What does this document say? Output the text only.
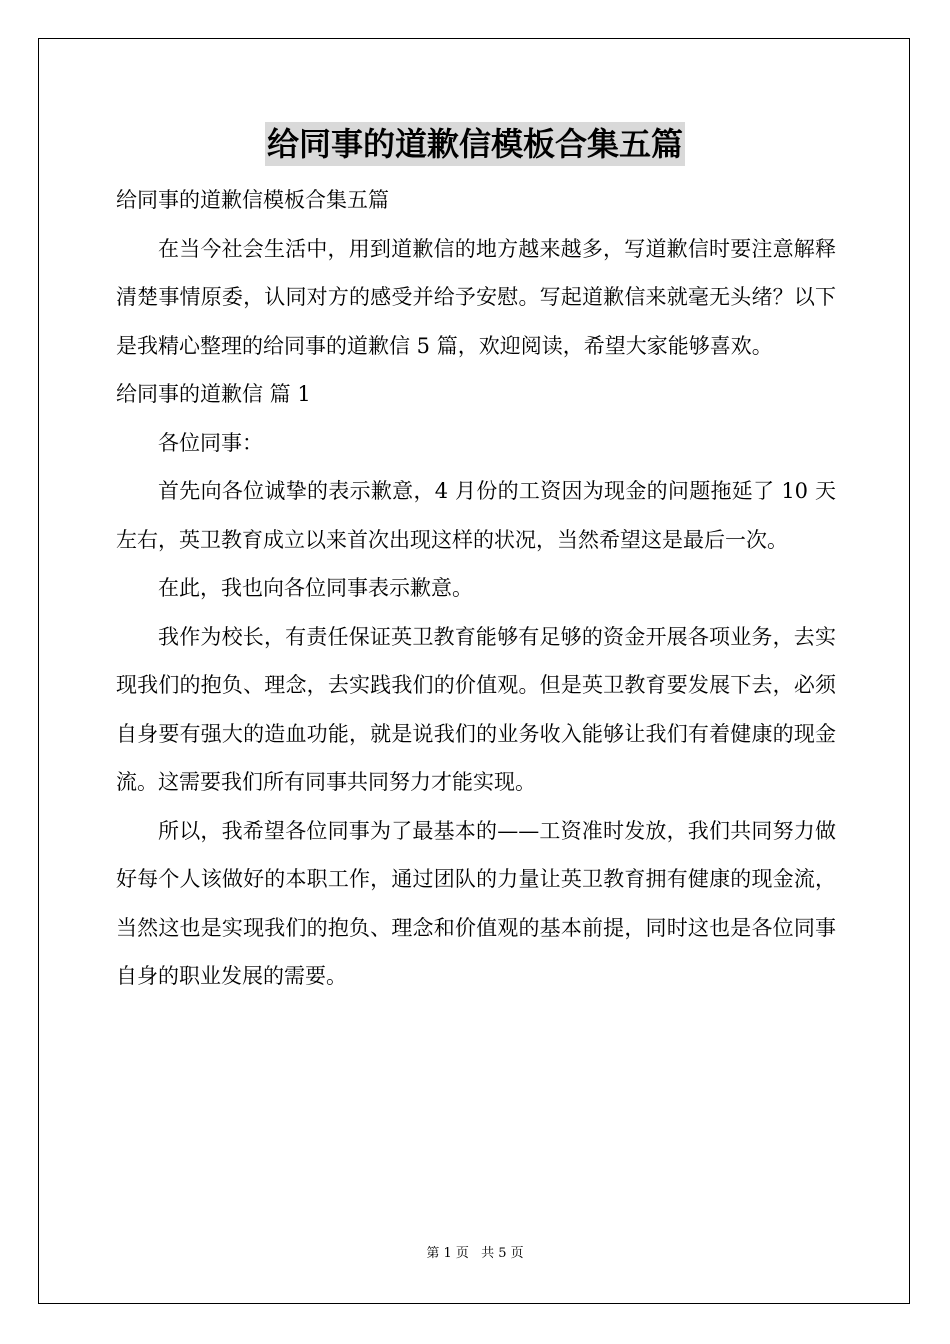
给同事的道歉信模板合集五篇

给同事的道歉信模板合集五篇

在当今社会生活中，用到道歉信的地方越来越多，写道歉信时要注意解释清楚事情原委，认同对方的感受并给予安慰。写起道歉信来就毫无头绪？以下是我精心整理的给同事的道歉信 5 篇，欢迎阅读，希望大家能够喜欢。

给同事的道歉信 篇 1

各位同事：

首先向各位诚挚的表示歉意，4 月份的工资因为现金的问题拖延了 10 天左右，英卫教育成立以来首次出现这样的状况，当然希望这是最后一次。

在此，我也向各位同事表示歉意。

我作为校长，有责任保证英卫教育能够有足够的资金开展各项业务，去实现我们的抱负、理念，去实践我们的价值观。但是英卫教育要发展下去，必须自身要有强大的造血功能，就是说我们的业务收入能够让我们有着健康的现金流。这需要我们所有同事共同努力才能实现。

所以，我希望各位同事为了最基本的——工资准时发放，我们共同努力做好每个人该做好的本职工作，通过团队的力量让英卫教育拥有健康的现金流，当然这也是实现我们的抱负、理念和价值观的基本前提，同时这也是各位同事自身的职业发展的需要。

第 1 页 共 5 页
